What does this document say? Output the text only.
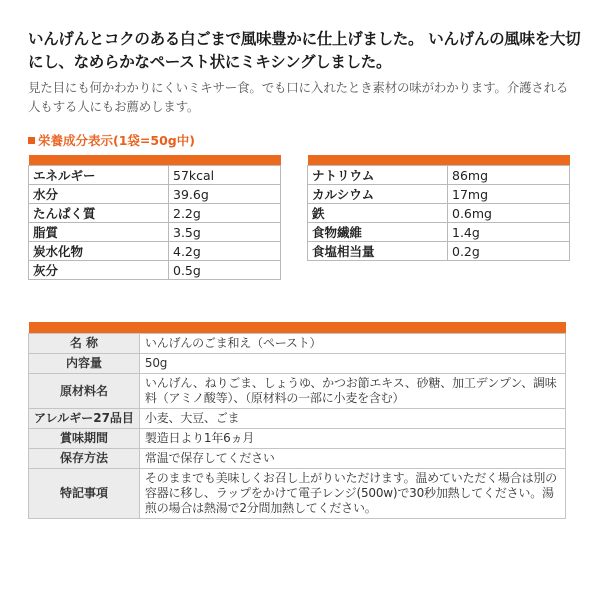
いんげんとコクのある白ごまで風味豊かに仕上げました。 いんげんの風味を大切にし、なめらかなペースト状にミキシングしました。
見た目にも何かわかりにくいミキサー食。でも口に入れたとき素材の味がわかります。介護される人もする人にもお薦めします。
栄養成分表示(1袋=50g中)

エネルギー	57kcal
水分	39.6g
たんぱく質	2.2g
脂質	3.5g
炭水化物	4.2g
灰分	0.5g

ナトリウム	86mg
カルシウム	17mg
鉄	0.6mg
食物繊維	1.4g
食塩相当量	0.2g

名 称	いんげんのごま和え（ペースト）
内容量	50g
原材料名	いんげん、ねりごま、しょうゆ、かつお節エキス、砂糖、加工デンプン、調味料（アミノ酸等）、（原材料の一部に小麦を含む）
アレルギー27品目	小麦、大豆、ごま
賞味期間	製造日より1年6ヵ月
保存方法	常温で保存してください
特記事項	そのままでも美味しくお召し上がりいただけます。温めていただく場合は別の容器に移し、ラップをかけて電子レンジ(500w)で30秒加熱してください。湯煎の場合は熱湯で2分間加熱してください。
